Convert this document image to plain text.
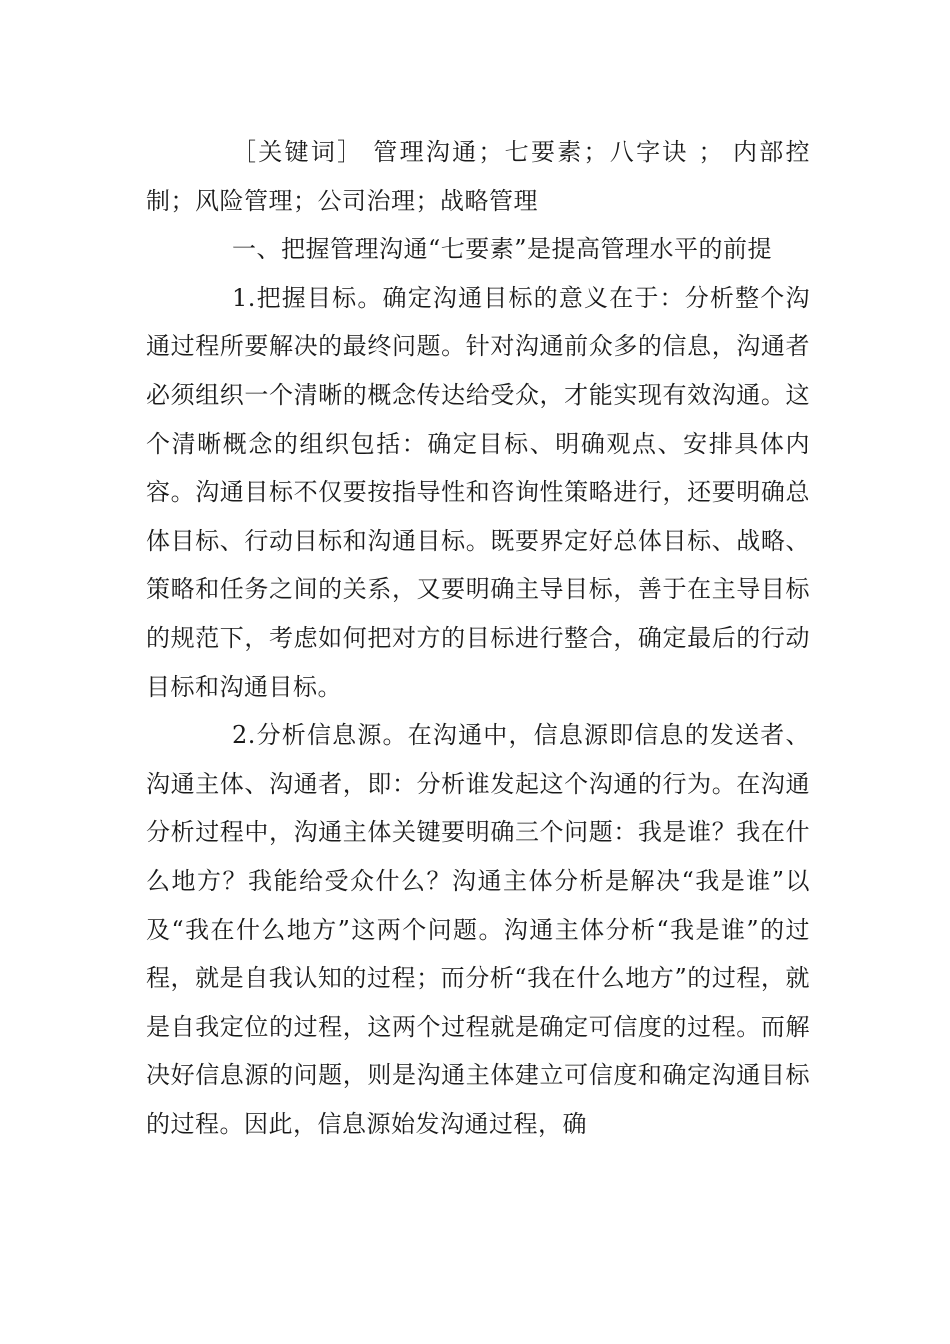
［关键词］ 管理沟通；七要素；八字诀 ； 内部控制；风险管理；公司治理；战略管理

一、把握管理沟通“七要素”是提高管理水平的前提

1.把握目标。确定沟通目标的意义在于：分析整个沟通过程所要解决的最终问题。针对沟通前众多的信息，沟通者必须组织一个清晰的概念传达给受众，才能实现有效沟通。这个清晰概念的组织包括：确定目标、明确观点、安排具体内容。沟通目标不仅要按指导性和咨询性策略进行，还要明确总体目标、行动目标和沟通目标。既要界定好总体目标、战略、策略和任务之间的关系，又要明确主导目标，善于在主导目标的规范下，考虑如何把对方的目标进行整合，确定最后的行动目标和沟通目标。

2.分析信息源。在沟通中，信息源即信息的发送者、沟通主体、沟通者，即：分析谁发起这个沟通的行为。在沟通分析过程中，沟通主体关键要明确三个问题：我是谁？我在什么地方？我能给受众什么？沟通主体分析是解决“我是谁”以及“我在什么地方”这两个问题。沟通主体分析“我是谁”的过程，就是自我认知的过程；而分析“我在什么地方”的过程，就是自我定位的过程，这两个过程就是确定可信度的过程。而解决好信息源的问题，则是沟通主体建立可信度和确定沟通目标的过程。因此，信息源始发沟通过程，确
